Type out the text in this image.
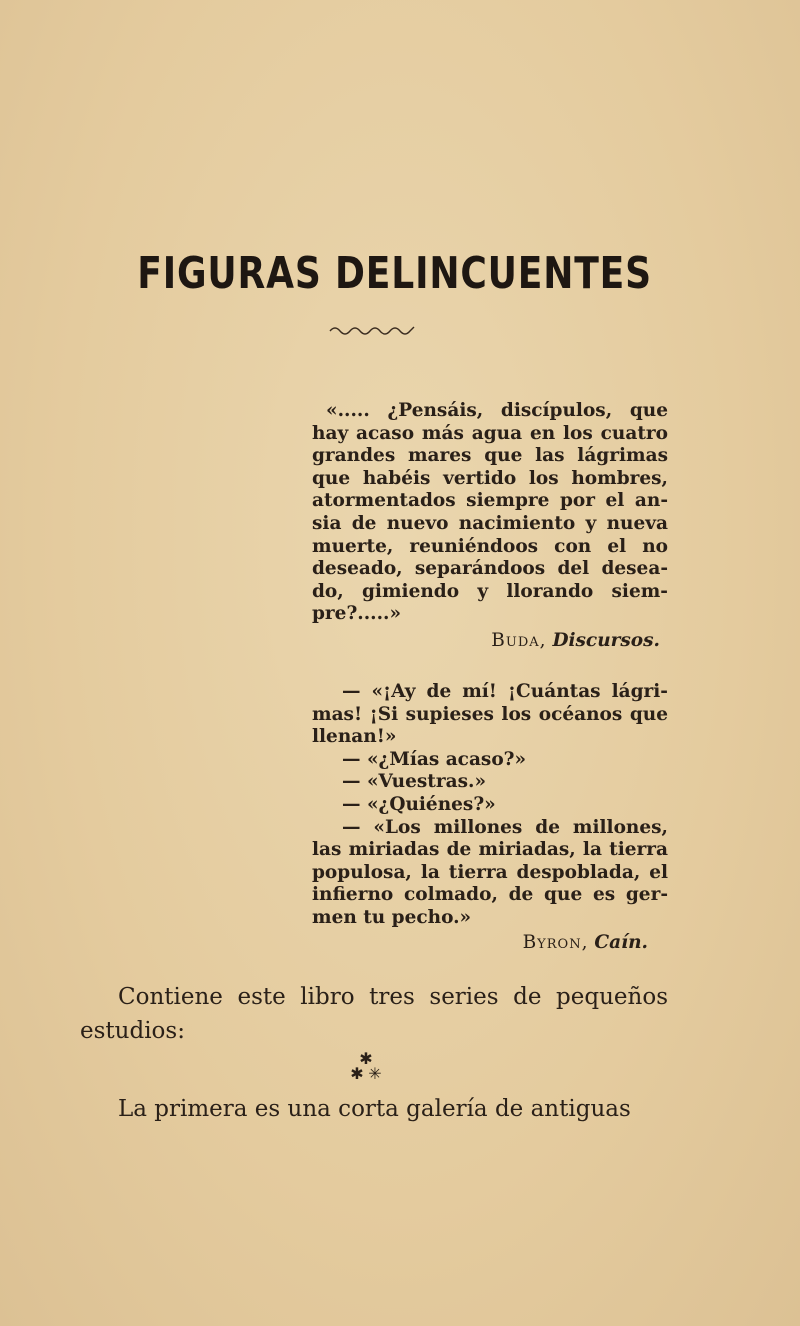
FIGURAS DELINCUENTES

«..... ¿Pensáis, discípulos, que hay acaso más agua en los cuatro grandes mares que las lágrimas que habéis vertido los hombres, atormentados siempre por el an-sia de nuevo nacimiento y nueva muerte, reuniéndoos con el no deseado, separándoos del desea-do, gimiendo y llorando siem-pre?.....»

Buda, Discursos.

— «¡Ay de mí! ¡Cuántas lágri-mas! ¡Si supieses los océanos que llenan!»

— «¿Mías acaso?»

— «Vuestras.»

— «¿Quiénes?»

— «Los millones de millones, las miriadas de miriadas, la tierra populosa, la tierra despoblada, el infierno colmado, de que es ger-men tu pecho.»

Byron, Caín.

Contiene este libro tres series de pequeños estudios:

✱
✱ ✳

La primera es una corta galería de antiguas
